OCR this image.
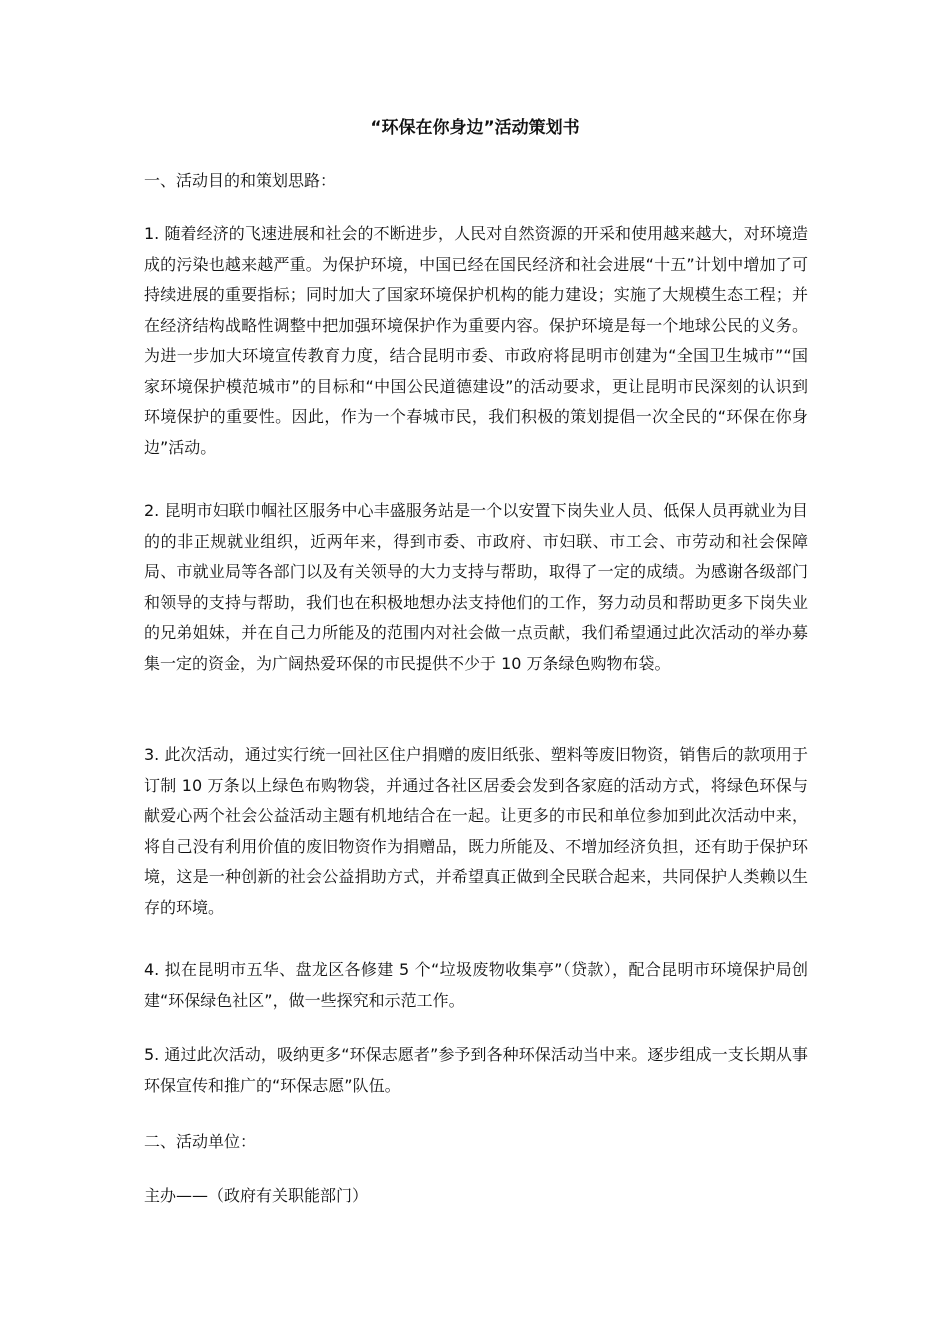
“环保在你身边”活动策划书
一、活动目的和策划思路：
1. 随着经济的飞速进展和社会的不断进步，人民对自然资源的开采和使用越来越大，对环境造成的污染也越来越严重。为保护环境，中国已经在国民经济和社会进展“十五”计划中增加了可持续进展的重要指标；同时加大了国家环境保护机构的能力建设；实施了大规模生态工程；并在经济结构战略性调整中把加强环境保护作为重要内容。保护环境是每一个地球公民的义务。为进一步加大环境宣传教育力度，结合昆明市委、市政府将昆明市创建为“全国卫生城市”“国家环境保护模范城市”的目标和“中国公民道德建设”的活动要求，更让昆明市民深刻的认识到环境保护的重要性。因此，作为一个春城市民，我们积极的策划提倡一次全民的“环保在你身边”活动。
2. 昆明市妇联巾帼社区服务中心丰盛服务站是一个以安置下岗失业人员、低保人员再就业为目的的非正规就业组织，近两年来，得到市委、市政府、市妇联、市工会、市劳动和社会保障局、市就业局等各部门以及有关领导的大力支持与帮助，取得了一定的成绩。为感谢各级部门和领导的支持与帮助，我们也在积极地想办法支持他们的工作，努力动员和帮助更多下岗失业的兄弟姐妹，并在自己力所能及的范围内对社会做一点贡献，我们希望通过此次活动的举办募集一定的资金，为广阔热爱环保的市民提供不少于 10 万条绿色购物布袋。
3. 此次活动，通过实行统一回社区住户捐赠的废旧纸张、塑料等废旧物资，销售后的款项用于订制 10 万条以上绿色布购物袋，并通过各社区居委会发到各家庭的活动方式，将绿色环保与献爱心两个社会公益活动主题有机地结合在一起。让更多的市民和单位参加到此次活动中来，将自己没有利用价值的废旧物资作为捐赠品，既力所能及、不增加经济负担，还有助于保护环境，这是一种创新的社会公益捐助方式，并希望真正做到全民联合起来，共同保护人类赖以生存的环境。
4. 拟在昆明市五华、盘龙区各修建 5 个“垃圾废物收集亭”（贷款），配合昆明市环境保护局创建“环保绿色社区”，做一些探究和示范工作。
5. 通过此次活动，吸纳更多“环保志愿者”参予到各种环保活动当中来。逐步组成一支长期从事环保宣传和推广的“环保志愿”队伍。
二、活动单位：
主办——（政府有关职能部门）
